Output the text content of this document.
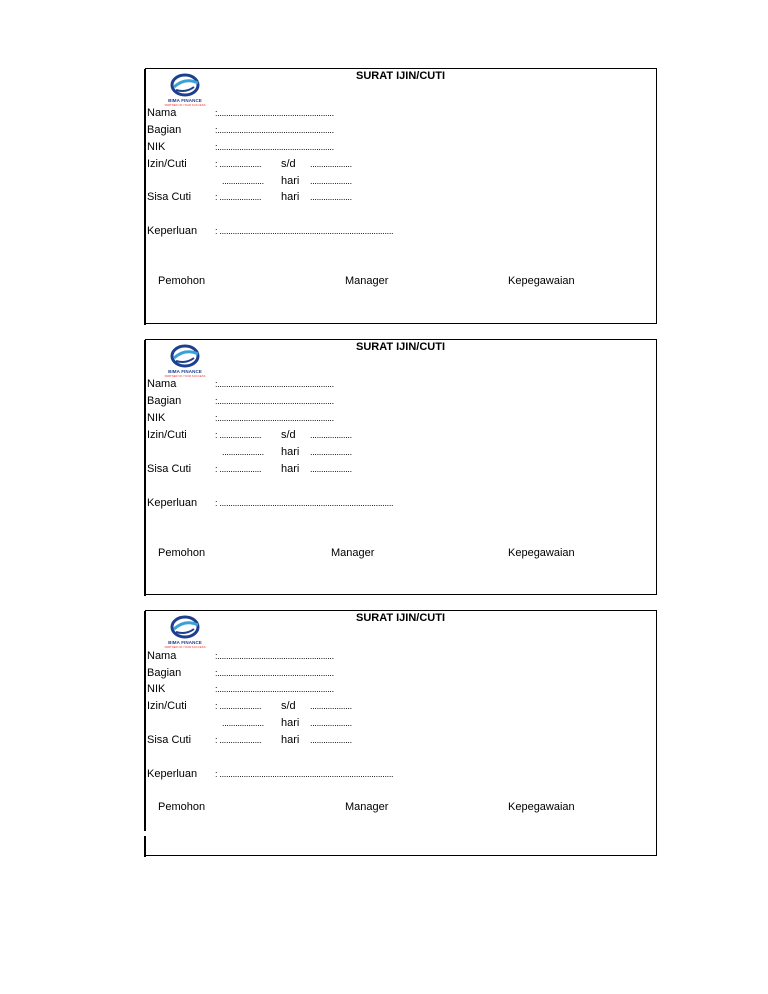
BIMA FINANCE
PARTNER OF YOUR SUCCESS
SURAT IJIN/CUTI
Nama	:.....................................................
Bagian	:.....................................................
NIK	:.....................................................
Izin/Cuti	: ................... s/d ...................
................... hari ...................
Sisa Cuti	: ................... hari ...................
Keperluan : ...............................................................................
Pemohon	Manager	Kepegawaian
BIMA FINANCE
PARTNER OF YOUR SUCCESS
SURAT IJIN/CUTI
Nama	:.....................................................
Bagian	:.....................................................
NIK	:.....................................................
Izin/Cuti	: ................... s/d ...................
................... hari ...................
Sisa Cuti	: ................... hari ...................
Keperluan : ...............................................................................
Pemohon	Manager	Kepegawaian
BIMA FINANCE
PARTNER OF YOUR SUCCESS
SURAT IJIN/CUTI
Nama	:.....................................................
Bagian	:.....................................................
NIK	:.....................................................
Izin/Cuti	: ................... s/d ...................
................... hari ...................
Sisa Cuti	: ................... hari ...................
Keperluan : ...............................................................................
Pemohon	Manager	Kepegawaian
